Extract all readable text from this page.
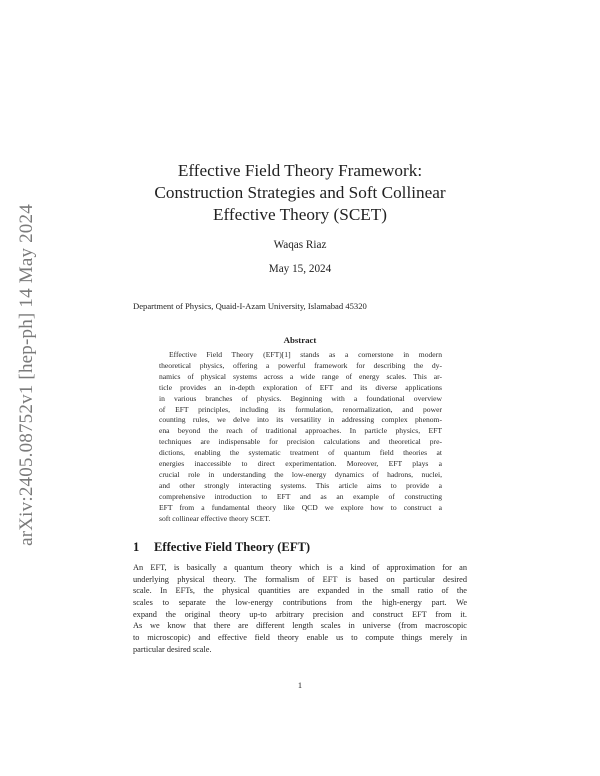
arXiv:2405.08752v1 [hep-ph] 14 May 2024
Effective Field Theory Framework:
Construction Strategies and Soft Collinear
Effective Theory (SCET)
Waqas Riaz
May 15, 2024
Department of Physics, Quaid-I-Azam University, Islamabad 45320
Abstract
Effective Field Theory (EFT)[1] stands as a cornerstone in modern
theoretical physics, offering a powerful framework for describing the dy-
namics of physical systems across a wide range of energy scales. This ar-
ticle provides an in-depth exploration of EFT and its diverse applications
in various branches of physics. Beginning with a foundational overview
of EFT principles, including its formulation, renormalization, and power
counting rules, we delve into its versatility in addressing complex phenom-
ena beyond the reach of traditional approaches. In particle physics, EFT
techniques are indispensable for precision calculations and theoretical pre-
dictions, enabling the systematic treatment of quantum field theories at
energies inaccessible to direct experimentation. Moreover, EFT plays a
crucial role in understanding the low-energy dynamics of hadrons, nuclei,
and other strongly interacting systems. This article aims to provide a
comprehensive introduction to EFT and as an example of constructing
EFT from a fundamental theory like QCD we explore how to construct a
soft collinear effective theory SCET.
1 Effective Field Theory (EFT)
An EFT, is basically a quantum theory which is a kind of approximation for an
underlying physical theory. The formalism of EFT is based on particular desired
scale. In EFTs, the physical quantities are expanded in the small ratio of the
scales to separate the low-energy contributions from the high-energy part. We
expand the original theory up-to arbitrary precision and construct EFT from it.
As we know that there are different length scales in universe (from macroscopic
to microscopic) and effective field theory enable us to compute things merely in
particular desired scale.
1
